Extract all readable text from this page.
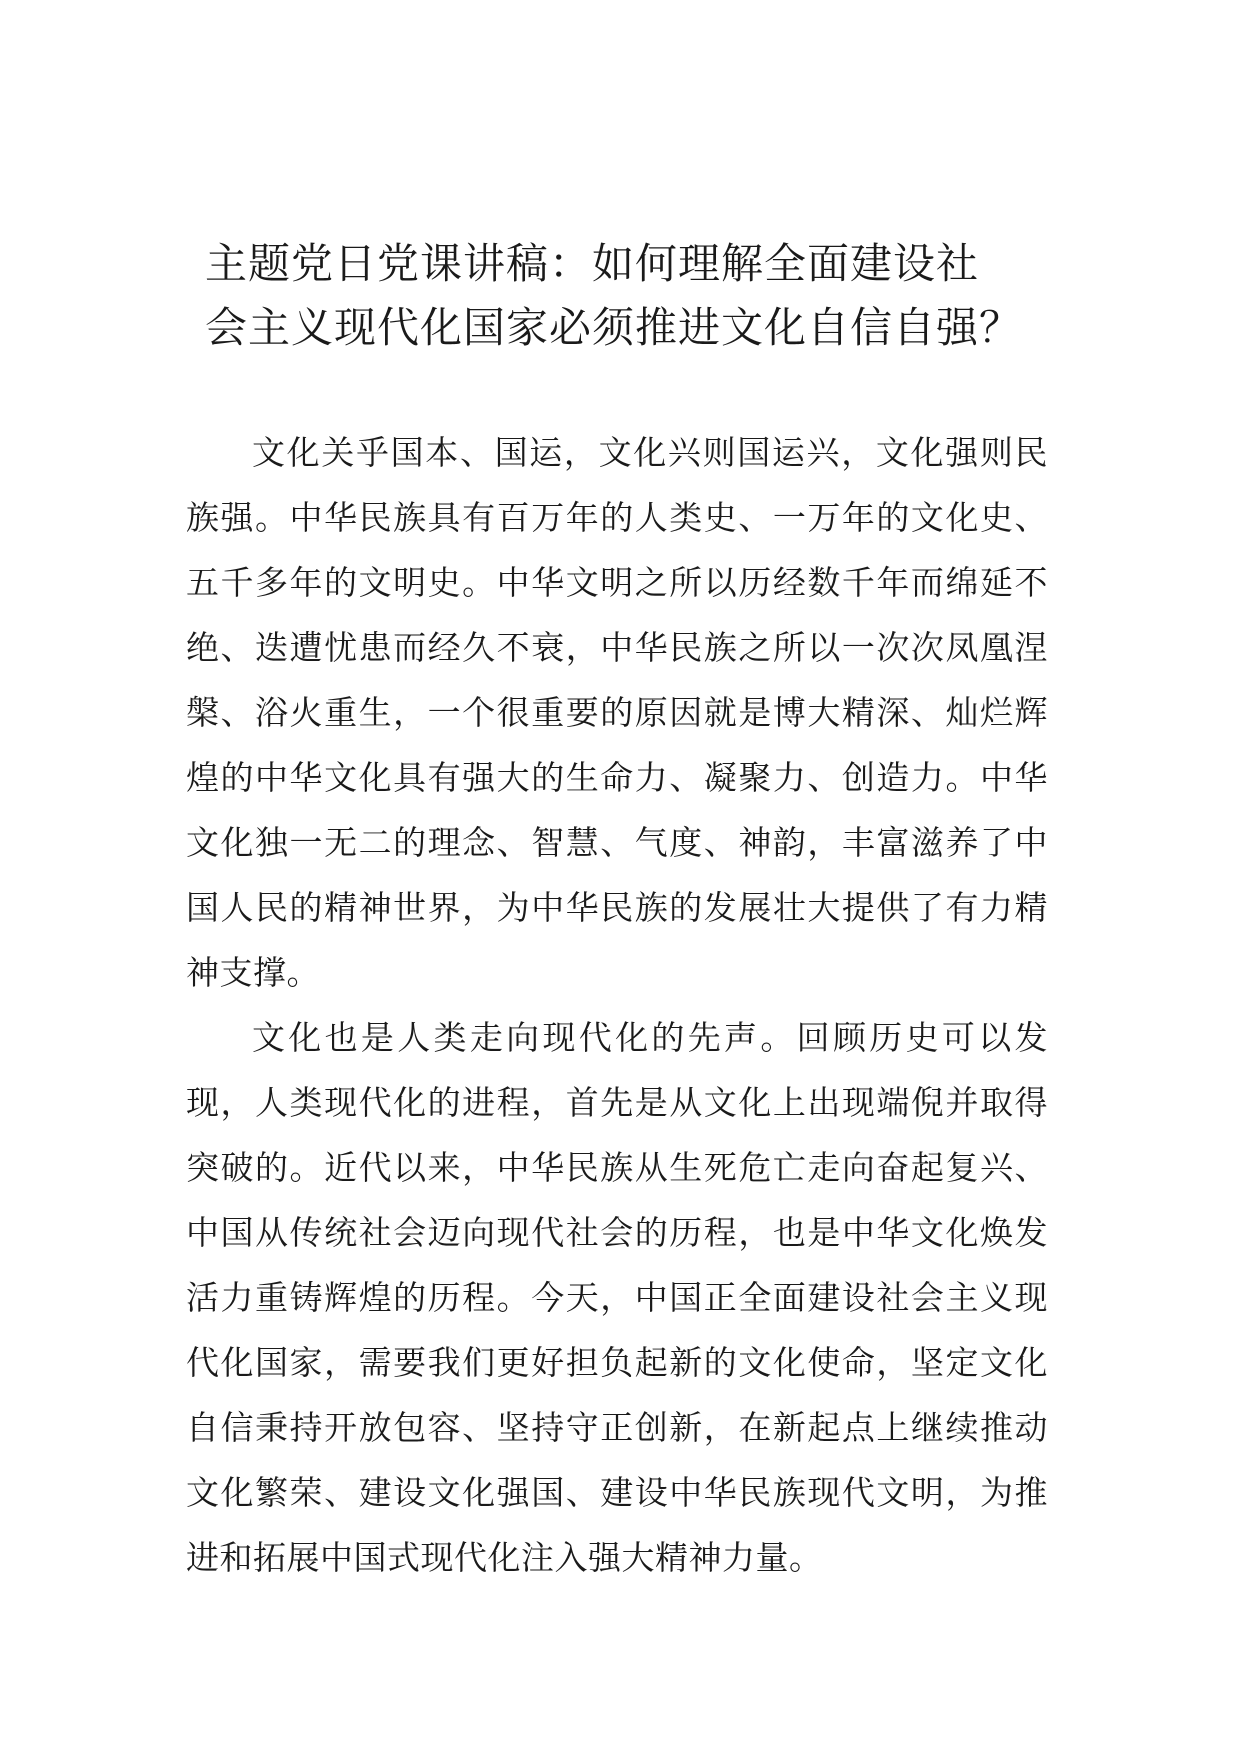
主题党日党课讲稿：如何理解全面建设社
会主义现代化国家必须推进文化自信自强？

文化关乎国本、国运，文化兴则国运兴，文化强则民族强。中华民族具有百万年的人类史、一万年的文化史、五千多年的文明史。中华文明之所以历经数千年而绵延不绝、迭遭忧患而经久不衰，中华民族之所以一次次凤凰涅槃、浴火重生，一个很重要的原因就是博大精深、灿烂辉煌的中华文化具有强大的生命力、凝聚力、创造力。中华文化独一无二的理念、智慧、气度、神韵，丰富滋养了中国人民的精神世界，为中华民族的发展壮大提供了有力精神支撑。

文化也是人类走向现代化的先声。回顾历史可以发现，人类现代化的进程，首先是从文化上出现端倪并取得突破的。近代以来，中华民族从生死危亡走向奋起复兴、中国从传统社会迈向现代社会的历程，也是中华文化焕发活力重铸辉煌的历程。今天，中国正全面建设社会主义现代化国家，需要我们更好担负起新的文化使命，坚定文化自信秉持开放包容、坚持守正创新，在新起点上继续推动文化繁荣、建设文化强国、建设中华民族现代文明，为推进和拓展中国式现代化注入强大精神力量。
